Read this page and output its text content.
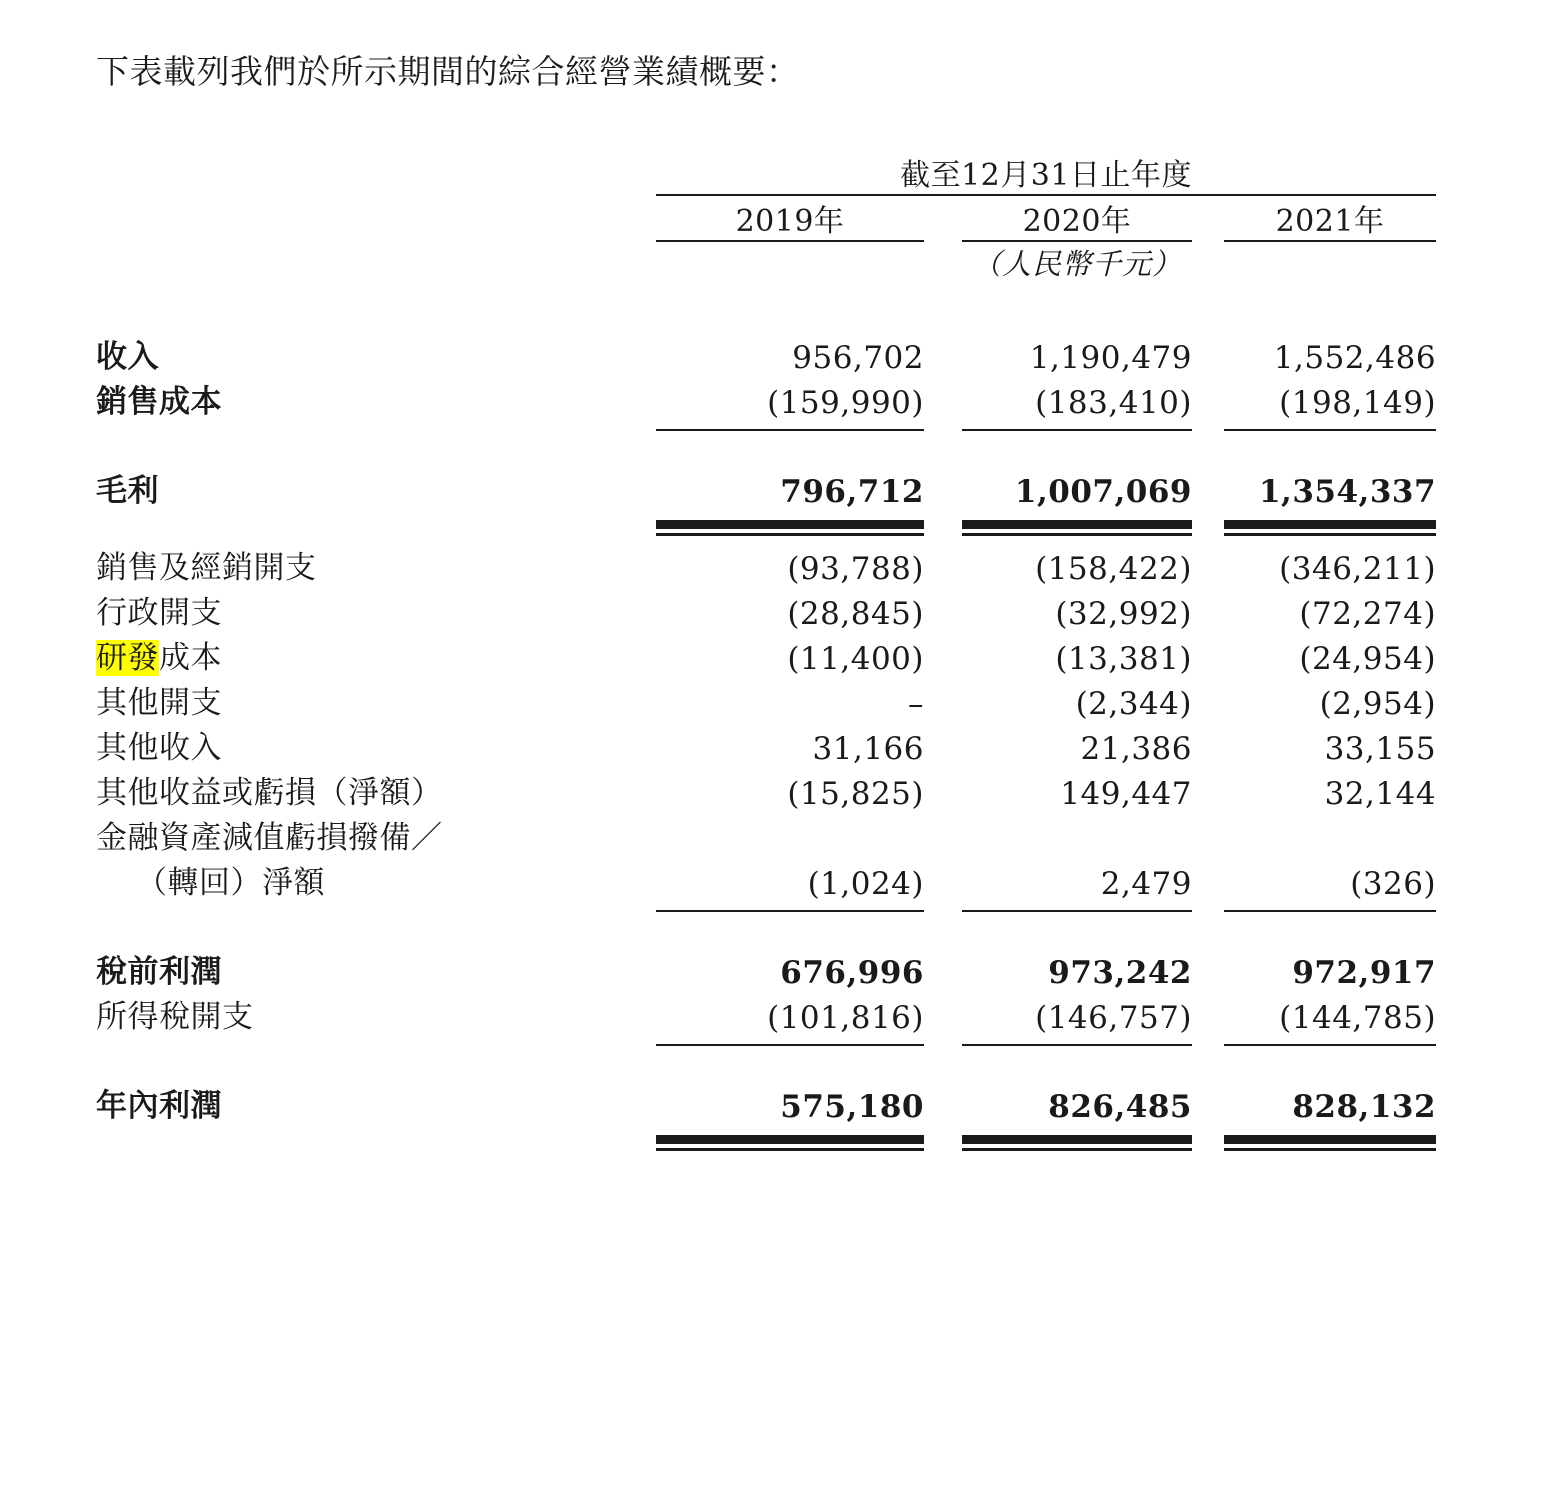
下表載列我們於所示期間的綜合經營業績概要：
	截至12月31日止年度				

	2019年		2020年		2021年

			（人民幣千元）		

收入	956,702		1,190,479		1,552,486
銷售成本	(159,990)		(183,410)		(198,149)

毛利	796,712		1,007,069		1,354,337

銷售及經銷開支	(93,788)		(158,422)		(346,211)
行政開支	(28,845)		(32,992)		(72,274)
研發成本	(11,400)		(13,381)		(24,954)
其他開支	–		(2,344)		(2,954)
其他收入	31,166		21,386		33,155
其他收益或虧損（淨額）	(15,825)		149,447		32,144
金融資產減值虧損撥備／					
（轉回）淨額	(1,024)		2,479		(326)

稅前利潤	676,996		973,242		972,917
所得稅開支	(101,816)		(146,757)		(144,785)

年內利潤	575,180		826,485		828,132
